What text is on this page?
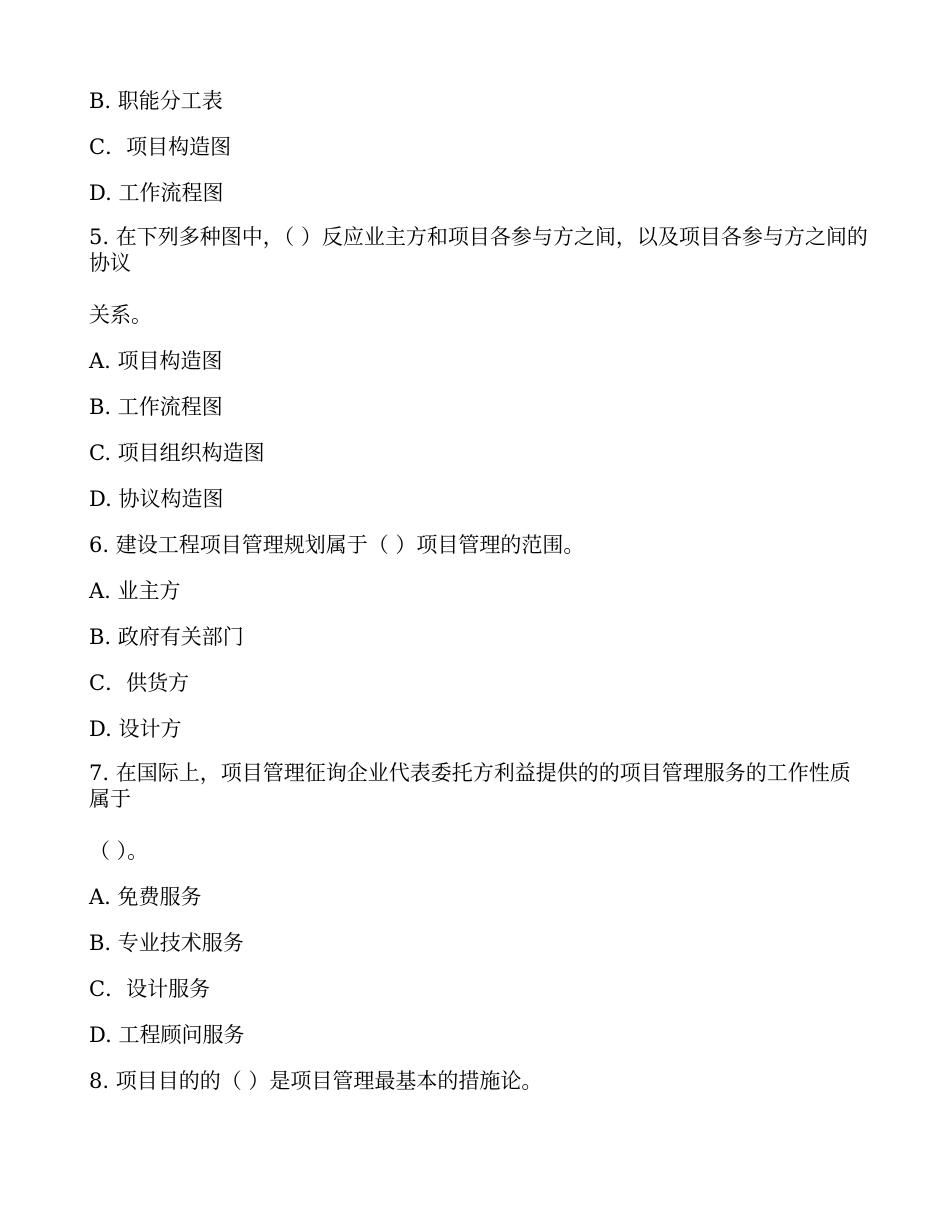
B. 职能分工表

C．项目构造图

D. 工作流程图

5. 在下列多种图中，（ ）反应业主方和项目各参与方之间，以及项目各参与方之间的协议

关系。

A. 项目构造图

B. 工作流程图

C. 项目组织构造图

D. 协议构造图

6. 建设工程项目管理规划属于（ ）项目管理的范围。

A. 业主方

B. 政府有关部门

C．供货方

D. 设计方

7. 在国际上，项目管理征询企业代表委托方利益提供的的项目管理服务的工作性质属于

（ ）。

A. 免费服务

B. 专业技术服务

C．设计服务

D. 工程顾问服务

8. 项目目的的（ ）是项目管理最基本的措施论。
